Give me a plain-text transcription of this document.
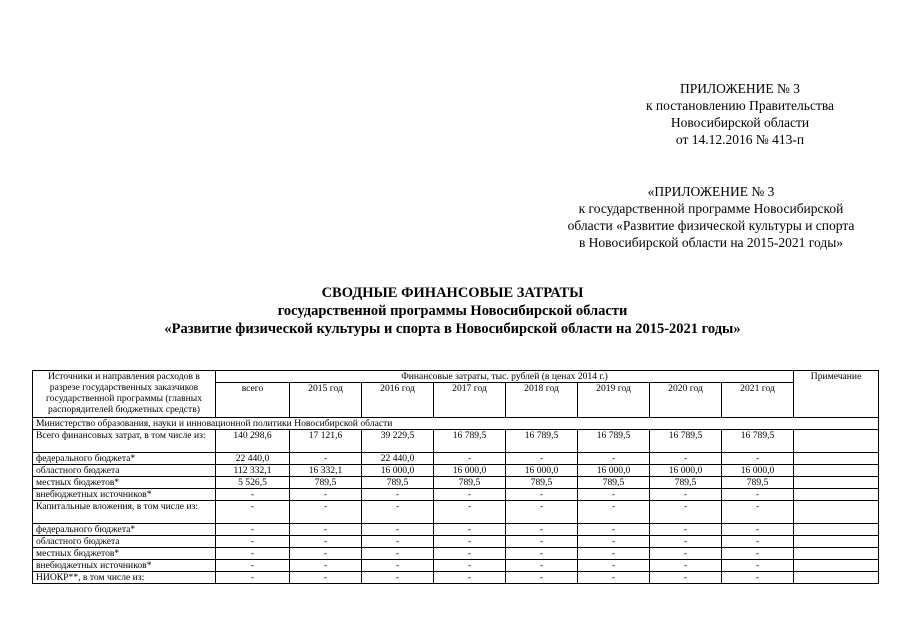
ПРИЛОЖЕНИЕ № 3
к постановлению Правительства
Новосибирской области
от 14.12.2016 № 413-п
«ПРИЛОЖЕНИЕ № 3
к государственной программе Новосибирской
области «Развитие физической культуры и спорта
в Новосибирской области на 2015-2021 годы»
СВОДНЫЕ ФИНАНСОВЫЕ ЗАТРАТЫ
государственной программы Новосибирской области
«Развитие физической культуры и спорта в Новосибирской области на 2015-2021 годы»
Источники и направления расходов в разрезе государственных заказчиков государственной программы (главных распорядителей бюджетных средств)	Финансовые затраты, тыс. рублей (в ценах 2014 г.)								Примечание
	всего	2015 год	2016 год	2017 год	2018 год	2019 год	2020 год	2021 год	
Министерство образования, науки и инновационной политики Новосибирской области									
Всего финансовых затрат, в том числе из:	140 298,6	17 121,6	39 229,5	16 789,5	16 789,5	16 789,5	16 789,5	16 789,5	
федерального бюджета*	22 440,0	-	22 440,0	-	-	-	-	-	
областного бюджета	112 332,1	16 332,1	16 000,0	16 000,0	16 000,0	16 000,0	16 000,0	16 000,0	
местных бюджетов*	5 526,5	789,5	789,5	789,5	789,5	789,5	789,5	789,5	
внебюджетных источников*	-	-	-	-	-	-	-	-	
Капитальные вложения, в том числе из:	-	-	-	-	-	-	-	-	
федерального бюджета*	-	-	-	-	-	-	-	-	
областного бюджета	-	-	-	-	-	-	-	-	
местных бюджетов*	-	-	-	-	-	-	-	-	
внебюджетных источников*	-	-	-	-	-	-	-	-	
НИОКР**, в том числе из:	-	-	-	-	-	-	-	-	
